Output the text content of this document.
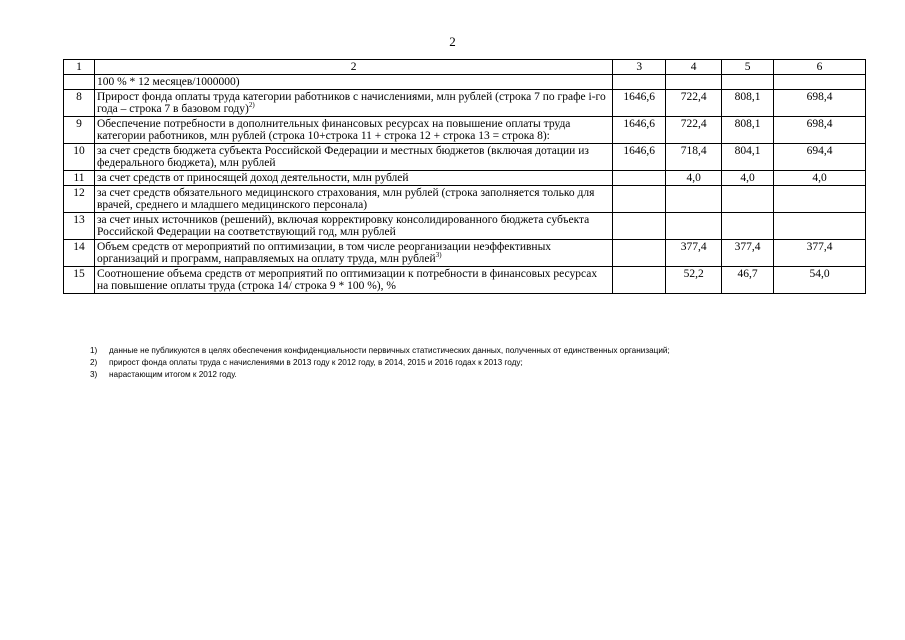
2
1	2	3	4	5	6
	100 % * 12 месяцев/1000000)				
8	Прирост фонда оплаты труда категории работников с начислениями, млн рублей (строка 7 по графе i-го года – строка 7 в базовом году)$^{2)}$	1646,6	722,4	808,1	698,4
9	Обеспечение потребности в дополнительных финансовых ресурсах на повышение оплаты труда категории работников, млн рублей (строка 10+строка 11 + строка 12 + строка 13 = строка 8):	1646,6	722,4	808,1	698,4
10	за счет средств бюджета субъекта Российской Федерации и местных бюджетов (включая дотации из федерального бюджета), млн рублей	1646,6	718,4	804,1	694,4
11	за счет средств от приносящей доход деятельности, млн рублей		4,0	4,0	4,0
12	за счет средств обязательного медицинского страхования, млн рублей (строка заполняется только для врачей, среднего и младшего медицинского персонала)				
13	за счет иных источников (решений), включая корректировку консолидированного бюджета субъекта Российской Федерации на соответствующий год, млн рублей				
14	Объем средств от мероприятий по оптимизации, в том числе реорганизации неэффективных организаций и программ, направляемых на оплату труда, млн рублей$^{3)}$		377,4	377,4	377,4
15	Соотношение объема средств от мероприятий по оптимизации к потребности в финансовых ресурсах на повышение оплаты труда (строка 14/ строка 9 * 100 %), %		52,2	46,7	54,0
1)	данные не публикуются в целях обеспечения конфиденциальности первичных статистических данных, полученных от единственных организаций;
2)	прирост фонда оплаты труда с начислениями в 2013 году к 2012 году, в 2014, 2015 и 2016 годах к 2013 году;
3)	нарастающим итогом к 2012 году.
